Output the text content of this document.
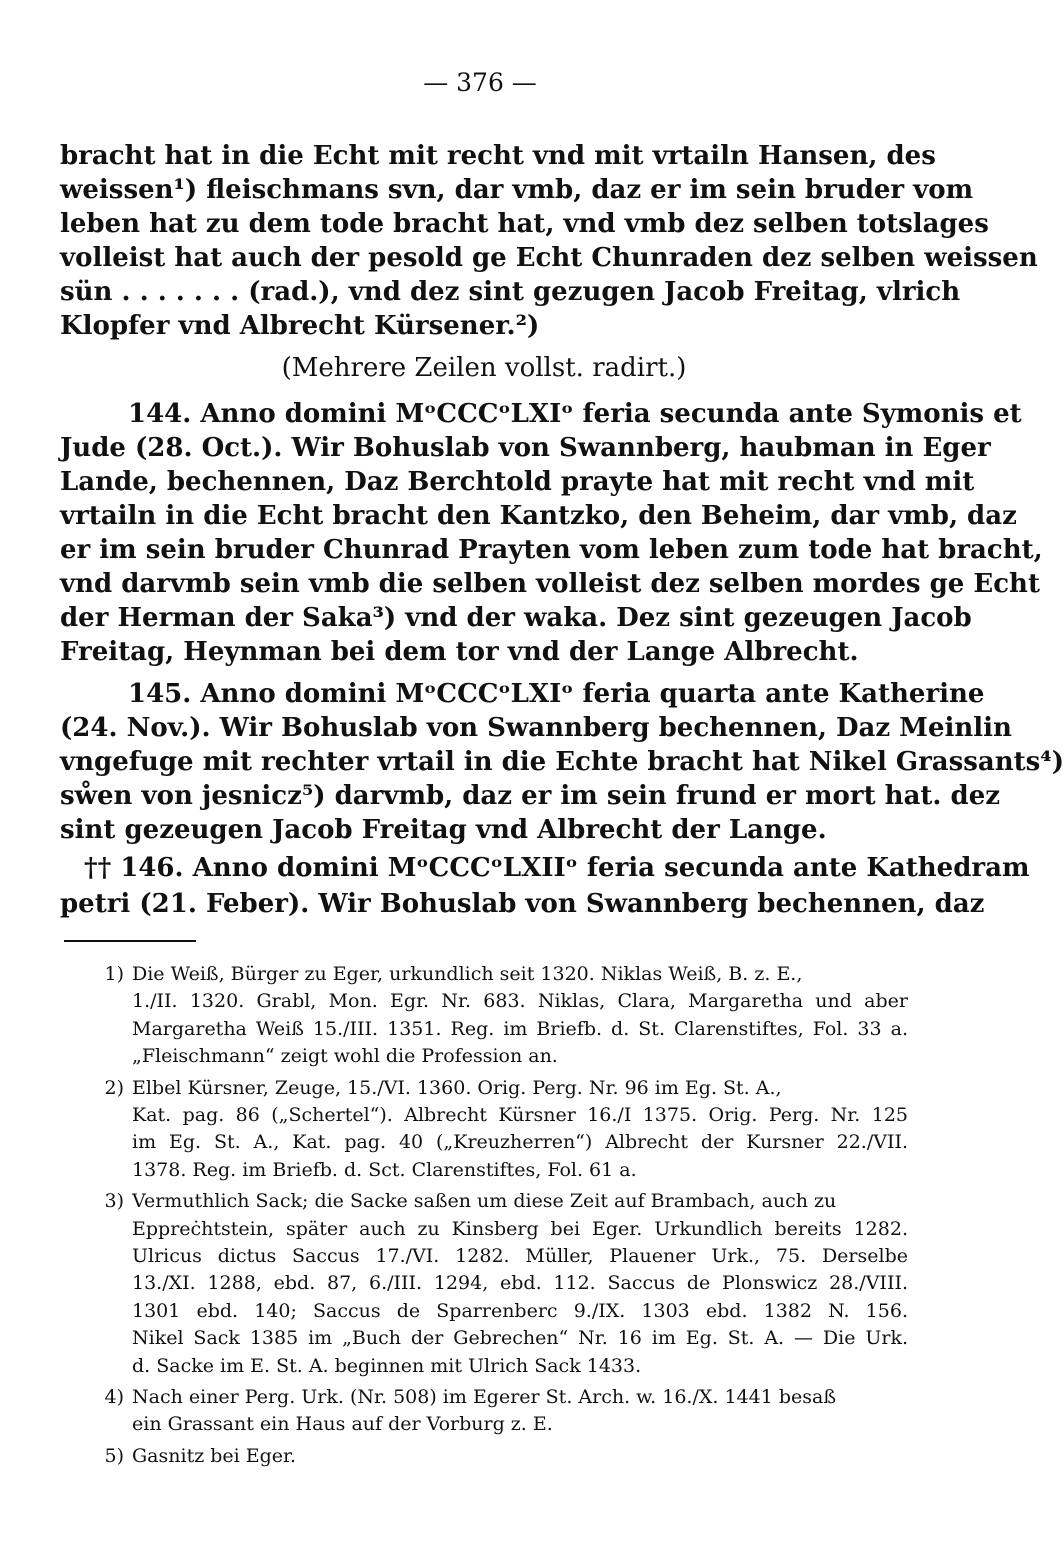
— 376 —
bracht hat in die Echt mit recht vnd mit vrtailn Hansen, des
weissen¹) fleischmans svn, dar vmb, daz er im sein bruder vom
leben hat zu dem tode bracht hat, vnd vmb dez selben totslages
volleist hat auch der pesold ge Echt Chunraden dez selben weissen
sün . . . . . . . (rad.), vnd dez sint gezugen Jacob Freitag, vlrich
Klopfer vnd Albrecht Kürsener.²)
(Mehrere Zeilen vollst. radirt.)
144. Anno domini MᵒCCCᵒLXIᵒ feria secunda ante Symonis et
Jude (28. Oct.). Wir Bohuslab von Swannberg, haubman in Eger
Lande, bechennen, Daz Berchtold prayte hat mit recht vnd mit
vrtailn in die Echt bracht den Kantzko, den Beheim, dar vmb, daz
er im sein bruder Chunrad Prayten vom leben zum tode hat bracht,
vnd darvmb sein vmb die selben volleist dez selben mordes ge Echt
der Herman der Saka³) vnd der waka. Dez sint gezeugen Jacob
Freitag, Heynman bei dem tor vnd der Lange Albrecht.
145. Anno domini MᵒCCCᵒLXIᵒ feria quarta ante Katherine
(24. Nov.). Wir Bohuslab von Swannberg bechennen, Daz Meinlin
vngefuge mit rechter vrtail in die Echte bracht hat Nikel Grassants⁴)
sẘen von jesnicz⁵) darvmb, daz er im sein frund er mort hat. dez
sint gezeugen Jacob Freitag vnd Albrecht der Lange.
†† 146. Anno domini MᵒCCCᵒLXIIᵒ feria secunda ante Kathedram
petri (21. Feber). Wir Bohuslab von Swannberg bechennen, daz
1) Die Weiß, Bürger zu Eger, urkundlich seit 1320. Niklas Weiß, B. z. E.,
1./II. 1320. Grabl, Mon. Egr. Nr. 683. Niklas, Clara, Margaretha und aber
Margaretha Weiß 15./III. 1351. Reg. im Briefb. d. St. Clarenstiftes, Fol. 33 a.
„Fleischmann“ zeigt wohl die Profession an.
2) Elbel Kürsner, Zeuge, 15./VI. 1360. Orig. Perg. Nr. 96 im Eg. St. A.,
Kat. pag. 86 („Schertel“). Albrecht Kürsner 16./I 1375. Orig. Perg. Nr. 125
im Eg. St. A., Kat. pag. 40 („Kreuzherren“) Albrecht der Kursner 22./VII.
1378. Reg. im Briefb. d. Sct. Clarenstiftes, Fol. 61 a.
3) Vermuthlich Sack; die Sacke saßen um diese Zeit auf Brambach, auch zu
Eppreċhtstein, später auch zu Kinsberg bei Eger. Urkundlich bereits 1282.
Ulricus dictus Saccus 17./VI. 1282. Müller, Plauener Urk., 75. Derselbe
13./XI. 1288, ebd. 87, 6./III. 1294, ebd. 112. Saccus de Plonswicz 28./VIII.
1301 ebd. 140; Saccus de Sparrenberc 9./IX. 1303 ebd. 1382 N. 156.
Nikel Sack 1385 im „Buch der Gebrechen“ Nr. 16 im Eg. St. A. — Die Urk.
d. Sacke im E. St. A. beginnen mit Ulrich Sack 1433.
4) Nach einer Perg. Urk. (Nr. 508) im Egerer St. Arch. w. 16./X. 1441 besaß
ein Grassant ein Haus auf der Vorburg z. E.
5) Gasnitz bei Eger.
